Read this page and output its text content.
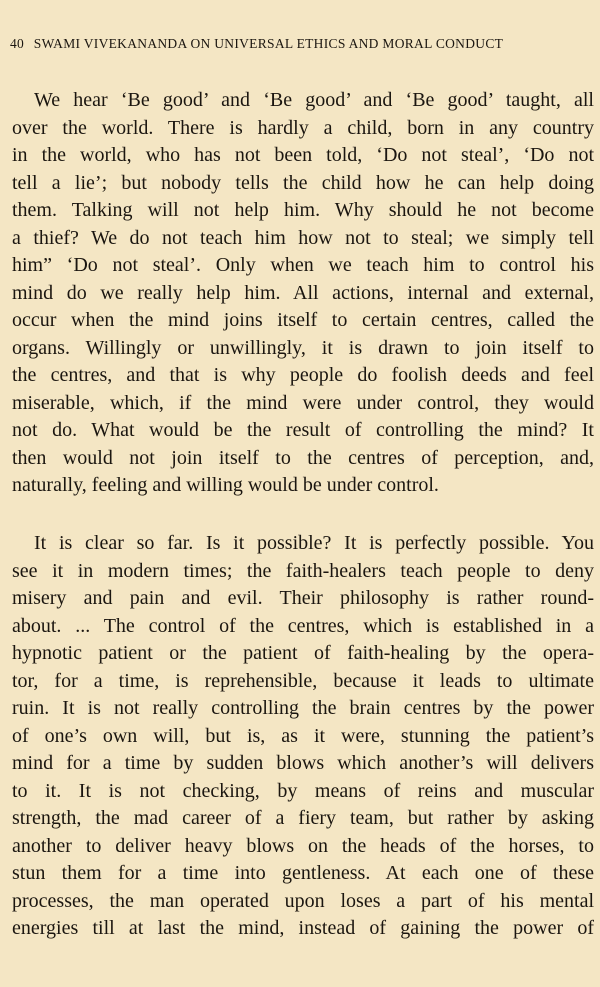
40 SWAMI VIVEKANANDA ON UNIVERSAL ETHICS AND MORAL CONDUCT
We hear ‘Be good’ and ‘Be good’ and ‘Be good’ taught, all
over the world. There is hardly a child, born in any country
in the world, who has not been told, ‘Do not steal’, ‘Do not
tell a lie’; but nobody tells the child how he can help doing
them. Talking will not help him. Why should he not become
a thief? We do not teach him how not to steal; we simply tell
him” ‘Do not steal’. Only when we teach him to control his
mind do we really help him. All actions, internal and external,
occur when the mind joins itself to certain centres, called the
organs. Willingly or unwillingly, it is drawn to join itself to
the centres, and that is why people do foolish deeds and feel
miserable, which, if the mind were under control, they would
not do. What would be the result of controlling the mind? It
then would not join itself to the centres of perception, and,
naturally, feeling and willing would be under control.
It is clear so far. Is it possible? It is perfectly possible. You
see it in modern times; the faith-healers teach people to deny
misery and pain and evil. Their philosophy is rather round-
about. ... The control of the centres, which is established in a
hypnotic patient or the patient of faith-healing by the opera-
tor, for a time, is reprehensible, because it leads to ultimate
ruin. It is not really controlling the brain centres by the power
of one’s own will, but is, as it were, stunning the patient’s
mind for a time by sudden blows which another’s will delivers
to it. It is not checking, by means of reins and muscular
strength, the mad career of a fiery team, but rather by asking
another to deliver heavy blows on the heads of the horses, to
stun them for a time into gentleness. At each one of these
processes, the man operated upon loses a part of his mental
energies till at last the mind, instead of gaining the power of
